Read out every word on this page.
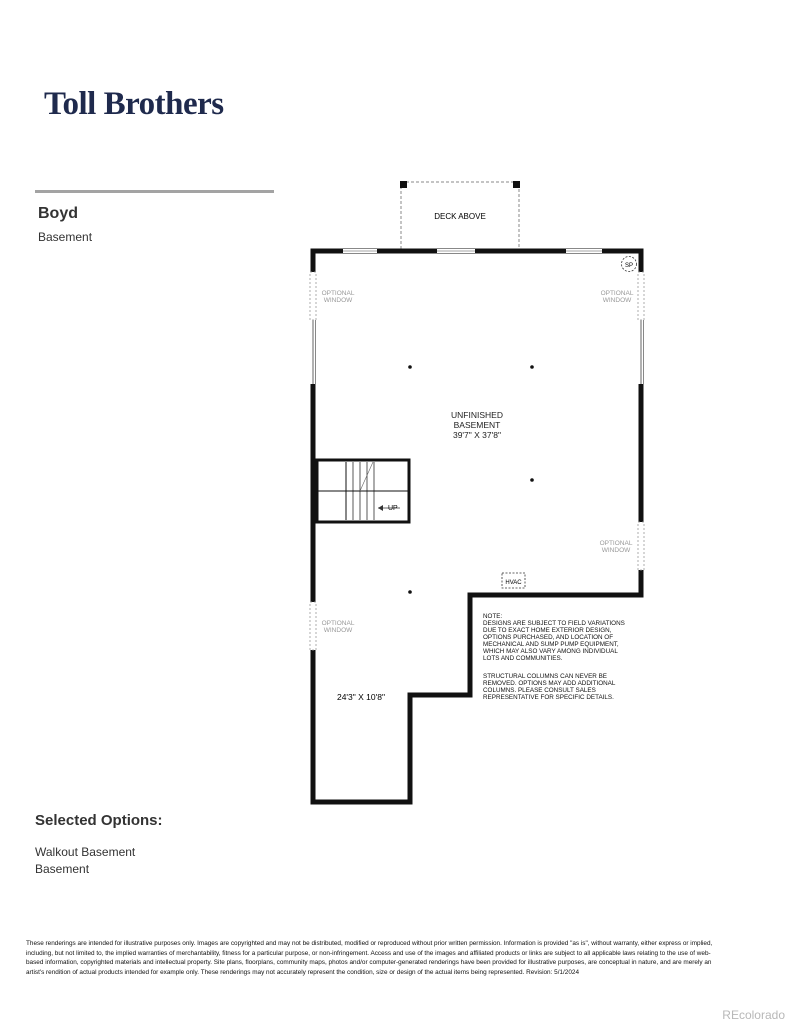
Toll Brothers
Boyd
Basement
DECK ABOVE
OPTIONAL
WINDOW
OPTIONAL
WINDOW
OPTIONAL
WINDOW
OPTIONAL
WINDOW
SP
UNFINISHED
BASEMENT
39'7" X 37'8"
UP
HVAC
24'3" X 10'8"
NOTE:
DESIGNS ARE SUBJECT TO FIELD VARIATIONS
DUE TO EXACT HOME EXTERIOR DESIGN,
OPTIONS PURCHASED, AND LOCATION OF
MECHANICAL AND SUMP PUMP EQUIPMENT,
WHICH MAY ALSO VARY AMONG INDIVIDUAL
LOTS AND COMMUNITIES.
STRUCTURAL COLUMNS CAN NEVER BE
REMOVED. OPTIONS MAY ADD ADDITIONAL
COLUMNS. PLEASE CONSULT SALES
REPRESENTATIVE FOR SPECIFIC DETAILS.
Selected Options:
Walkout Basement
Basement
These renderings are intended for illustrative purposes only. Images are copyrighted and may not be distributed, modified or reproduced without prior written permission. Information is provided "as is", without warranty, either express or implied, including, but not limited to, the implied warranties of merchantability, fitness for a particular purpose, or non-infringement. Access and use of the images and affiliated products or links are subject to all applicable laws relating to the use of web-based information, copyrighted materials and intellectual property. Site plans, floorplans, community maps, photos and/or computer-generated renderings have been provided for illustrative purposes, are conceptual in nature, and are merely an artist's rendition of actual products intended for example only. These renderings may not accurately represent the condition, size or design of the actual items being represented. Revision: 5/1/2024
REcolorado
